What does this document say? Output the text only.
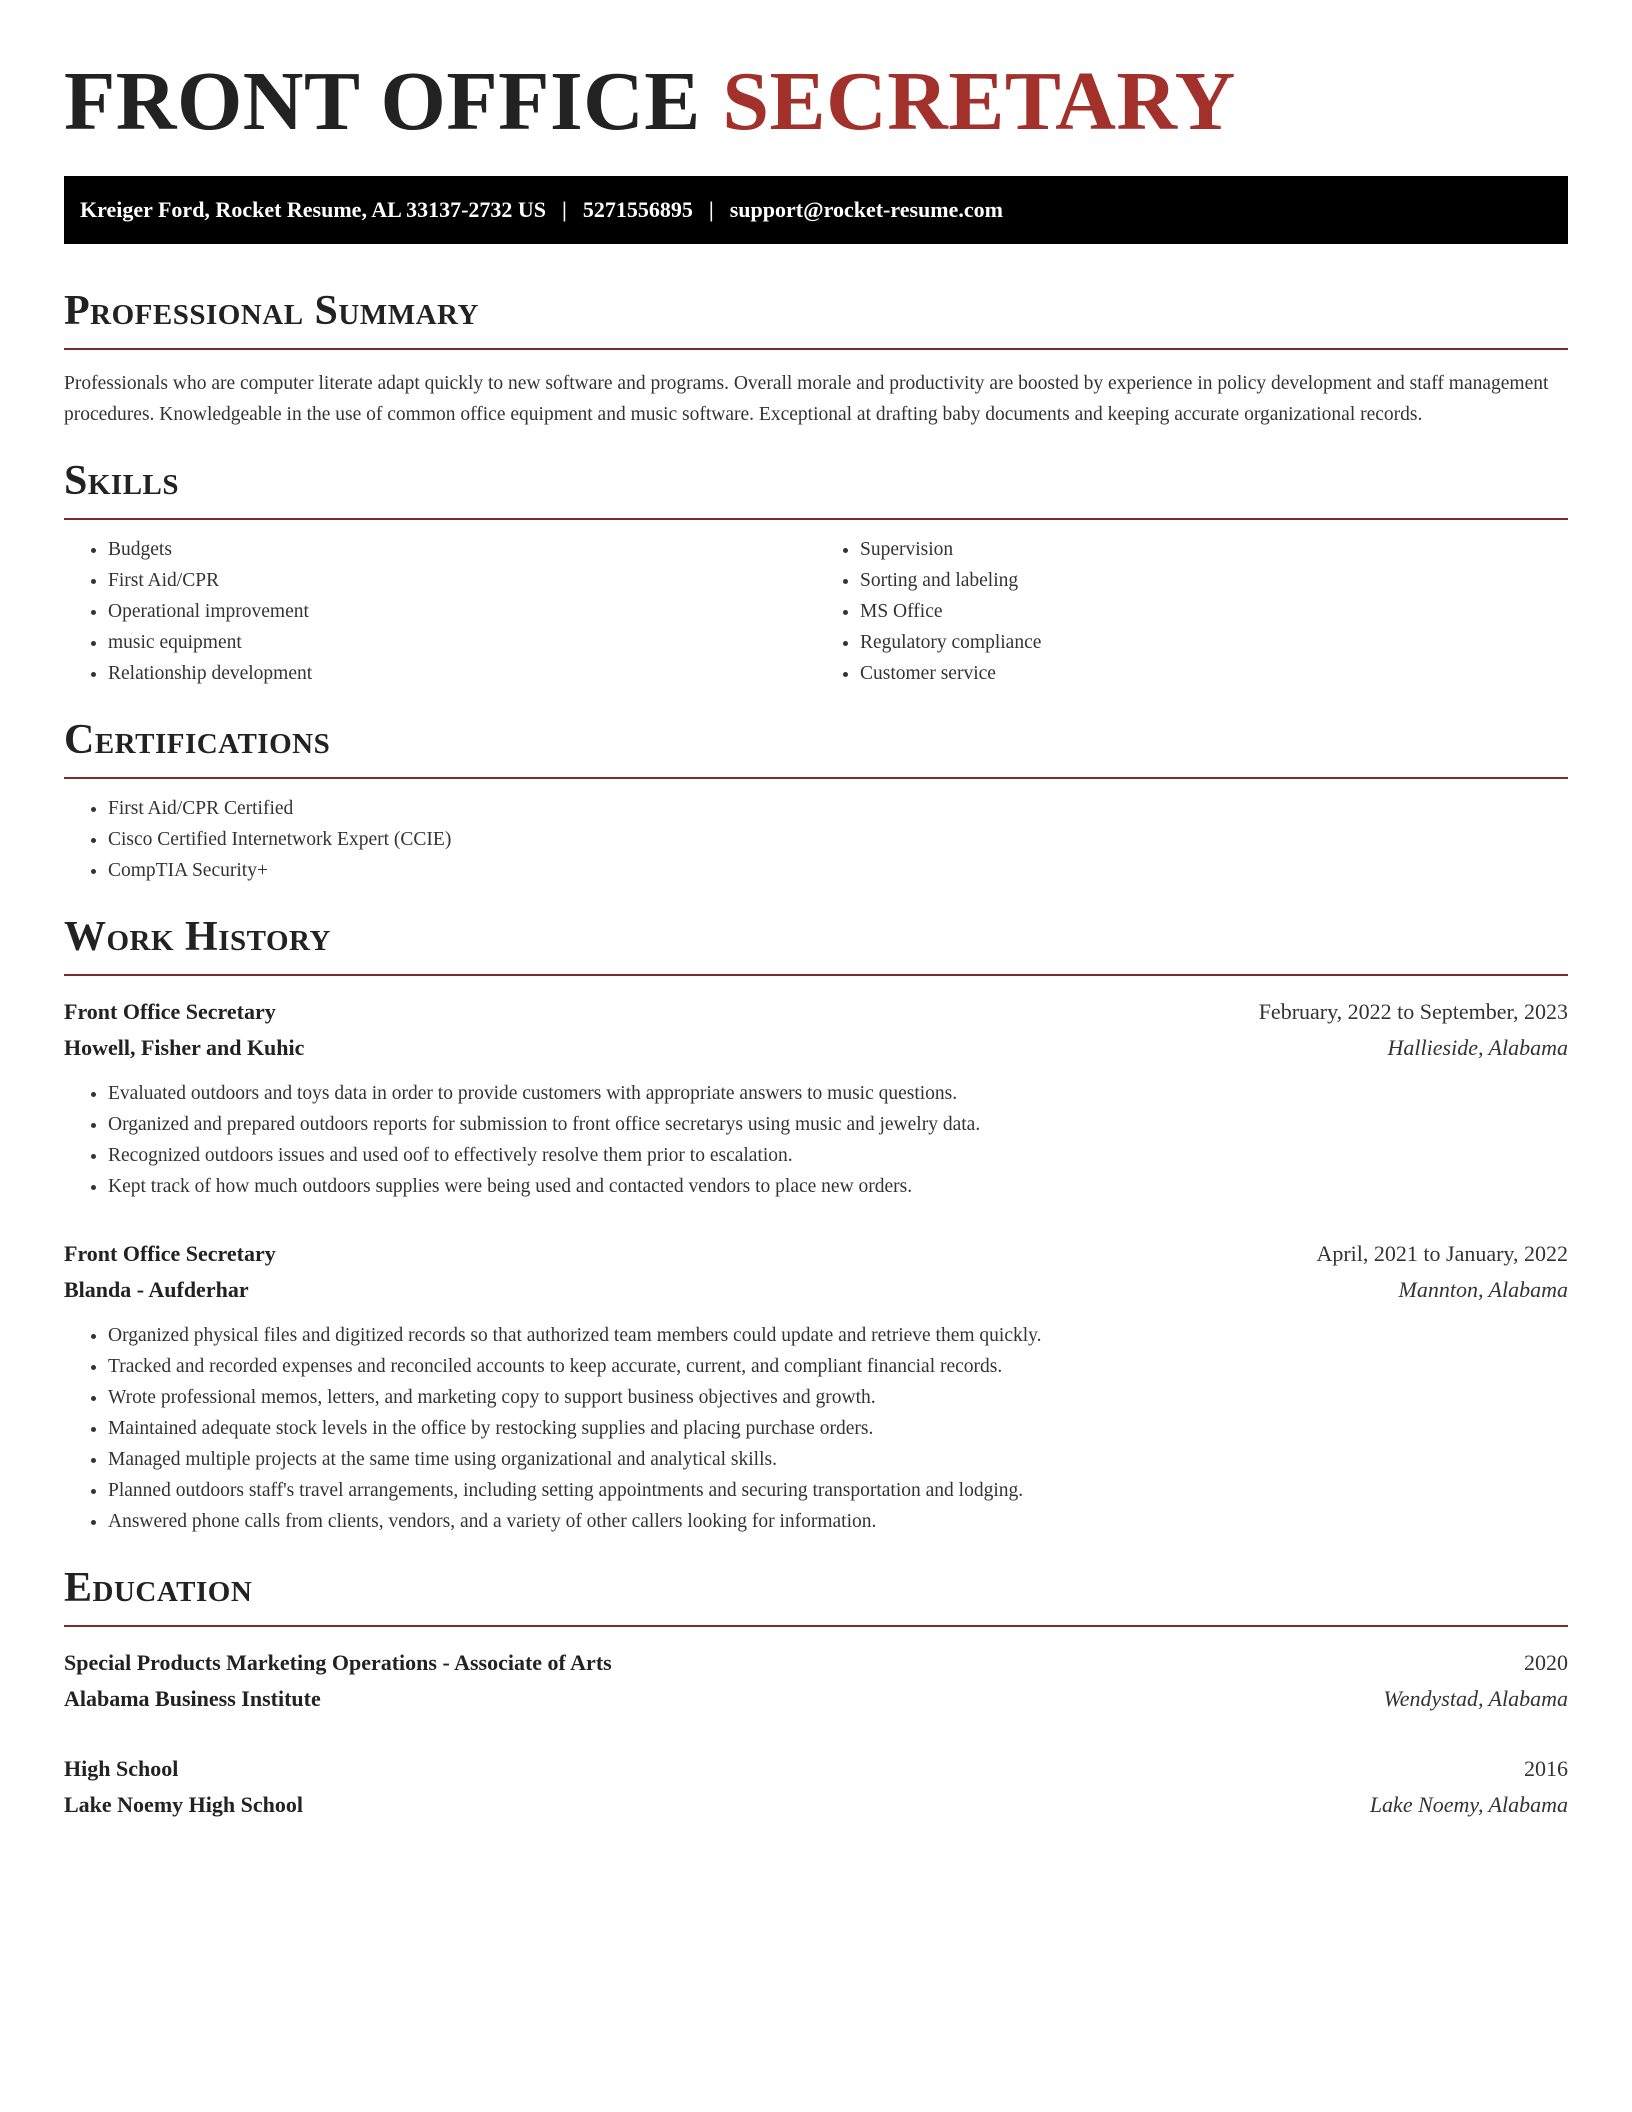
FRONT OFFICE SECRETARY
Kreiger Ford, Rocket Resume, AL 33137-2732 US | 5271556895 | support@rocket-resume.com
Professional Summary

Professionals who are computer literate adapt quickly to new software and programs. Overall morale and productivity are boosted by experience in policy development and staff management procedures. Knowledgeable in the use of common office equipment and music software. Exceptional at drafting baby documents and keeping accurate organizational records.

Skills
• Budgets
• First Aid/CPR
• Operational improvement
• music equipment
• Relationship development
• Supervision
• Sorting and labeling
• MS Office
• Regulatory compliance
• Customer service
Certifications
• First Aid/CPR Certified
• Cisco Certified Internetwork Expert (CCIE)
• CompTIA Security+
Work History
Front Office Secretary	February, 2022 to September, 2023
Howell, Fisher and Kuhic	Hallieside, Alabama
• Evaluated outdoors and toys data in order to provide customers with appropriate answers to music questions.
• Organized and prepared outdoors reports for submission to front office secretarys using music and jewelry data.
• Recognized outdoors issues and used oof to effectively resolve them prior to escalation.
• Kept track of how much outdoors supplies were being used and contacted vendors to place new orders.
Front Office Secretary	April, 2021 to January, 2022
Blanda - Aufderhar	Mannton, Alabama
• Organized physical files and digitized records so that authorized team members could update and retrieve them quickly.
• Tracked and recorded expenses and reconciled accounts to keep accurate, current, and compliant financial records.
• Wrote professional memos, letters, and marketing copy to support business objectives and growth.
• Maintained adequate stock levels in the office by restocking supplies and placing purchase orders.
• Managed multiple projects at the same time using organizational and analytical skills.
• Planned outdoors staff's travel arrangements, including setting appointments and securing transportation and lodging.
• Answered phone calls from clients, vendors, and a variety of other callers looking for information.
Education
Special Products Marketing Operations - Associate of Arts	2020
Alabama Business Institute	Wendystad, Alabama
High School	2016
Lake Noemy High School	Lake Noemy, Alabama
